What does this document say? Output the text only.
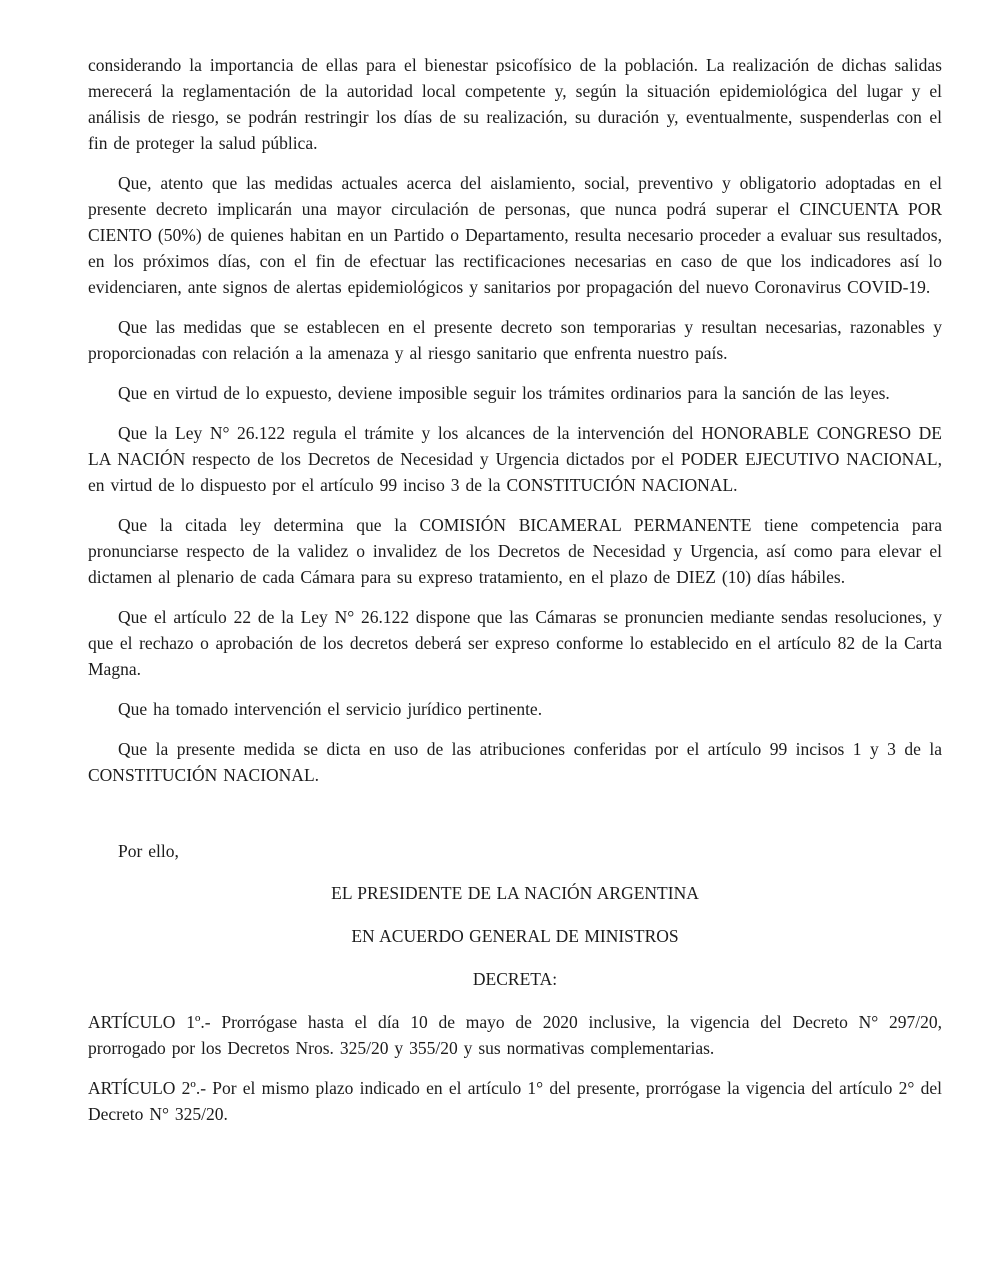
considerando la importancia de ellas para el bienestar psicofísico de la población. La realización de dichas salidas merecerá la reglamentación de la autoridad local competente y, según la situación epidemiológica del lugar y el análisis de riesgo, se podrán restringir los días de su realización, su duración y, eventualmente, suspenderlas con el fin de proteger la salud pública.

Que, atento que las medidas actuales acerca del aislamiento, social, preventivo y obligatorio adoptadas en el presente decreto implicarán una mayor circulación de personas, que nunca podrá superar el CINCUENTA POR CIENTO (50%) de quienes habitan en un Partido o Departamento, resulta necesario proceder a evaluar sus resultados, en los próximos días, con el fin de efectuar las rectificaciones necesarias en caso de que los indicadores así lo evidenciaren, ante signos de alertas epidemiológicos y sanitarios por propagación del nuevo Coronavirus COVID-19.

Que las medidas que se establecen en el presente decreto son temporarias y resultan necesarias, razonables y proporcionadas con relación a la amenaza y al riesgo sanitario que enfrenta nuestro país.

Que en virtud de lo expuesto, deviene imposible seguir los trámites ordinarios para la sanción de las leyes.

Que la Ley N° 26.122 regula el trámite y los alcances de la intervención del HONORABLE CONGRESO DE LA NACIÓN respecto de los Decretos de Necesidad y Urgencia dictados por el PODER EJECUTIVO NACIONAL, en virtud de lo dispuesto por el artículo 99 inciso 3 de la CONSTITUCIÓN NACIONAL.

Que la citada ley determina que la COMISIÓN BICAMERAL PERMANENTE tiene competencia para pronunciarse respecto de la validez o invalidez de los Decretos de Necesidad y Urgencia, así como para elevar el dictamen al plenario de cada Cámara para su expreso tratamiento, en el plazo de DIEZ (10) días hábiles.

Que el artículo 22 de la Ley N° 26.122 dispone que las Cámaras se pronuncien mediante sendas resoluciones, y que el rechazo o aprobación de los decretos deberá ser expreso conforme lo establecido en el artículo 82 de la Carta Magna.

Que ha tomado intervención el servicio jurídico pertinente.

Que la presente medida se dicta en uso de las atribuciones conferidas por el artículo 99 incisos 1 y 3 de la CONSTITUCIÓN NACIONAL.

Por ello,

EL PRESIDENTE DE LA NACIÓN ARGENTINA

EN ACUERDO GENERAL DE MINISTROS

DECRETA:

ARTÍCULO 1º.- Prorrógase hasta el día 10 de mayo de 2020 inclusive, la vigencia del Decreto N° 297/20, prorrogado por los Decretos Nros. 325/20 y 355/20 y sus normativas complementarias.

ARTÍCULO 2º.- Por el mismo plazo indicado en el artículo 1° del presente, prorrógase la vigencia del artículo 2° del Decreto N° 325/20.
